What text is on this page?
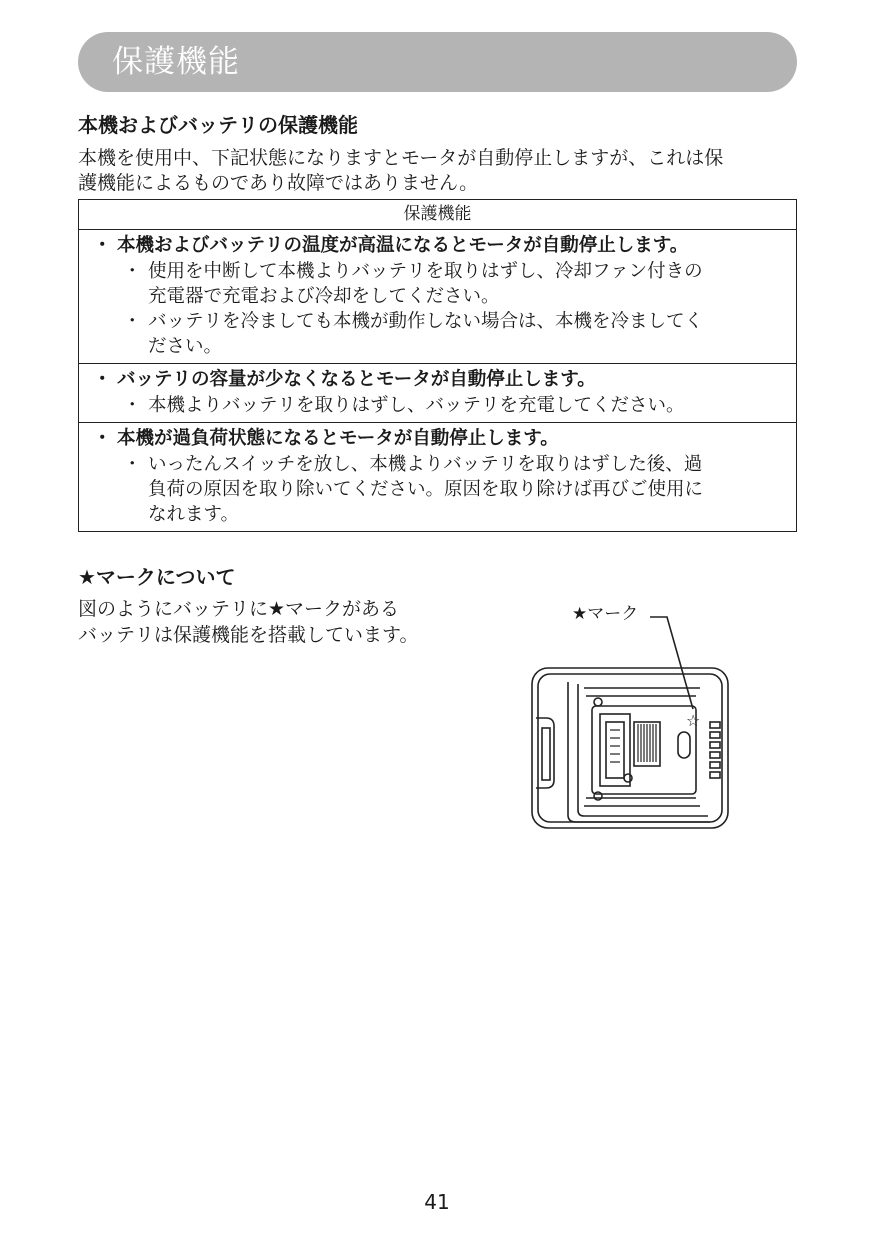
保護機能
本機およびバッテリの保護機能
本機を使用中、下記状態になりますとモータが自動停止しますが、これは保
護機能によるものであり故障ではありません。
保護機能
・ 本機およびバッテリの温度が高温になるとモータが自動停止します。
・ 使用を中断して本機よりバッテリを取りはずし、冷却ファン付きの
充電器で充電および冷却をしてください。
・ バッテリを冷ましても本機が動作しない場合は、本機を冷ましてく
ださい。
・ バッテリの容量が少なくなるとモータが自動停止します。
・ 本機よりバッテリを取りはずし、バッテリを充電してください。
・ 本機が過負荷状態になるとモータが自動停止します。
・ いったんスイッチを放し、本機よりバッテリを取りはずした後、過
負荷の原因を取り除いてください。原因を取り除けば再びご使用に
なれます。
★マークについて
図のようにバッテリに★マークがある
バッテリは保護機能を搭載しています。
★マーク
☆
41
